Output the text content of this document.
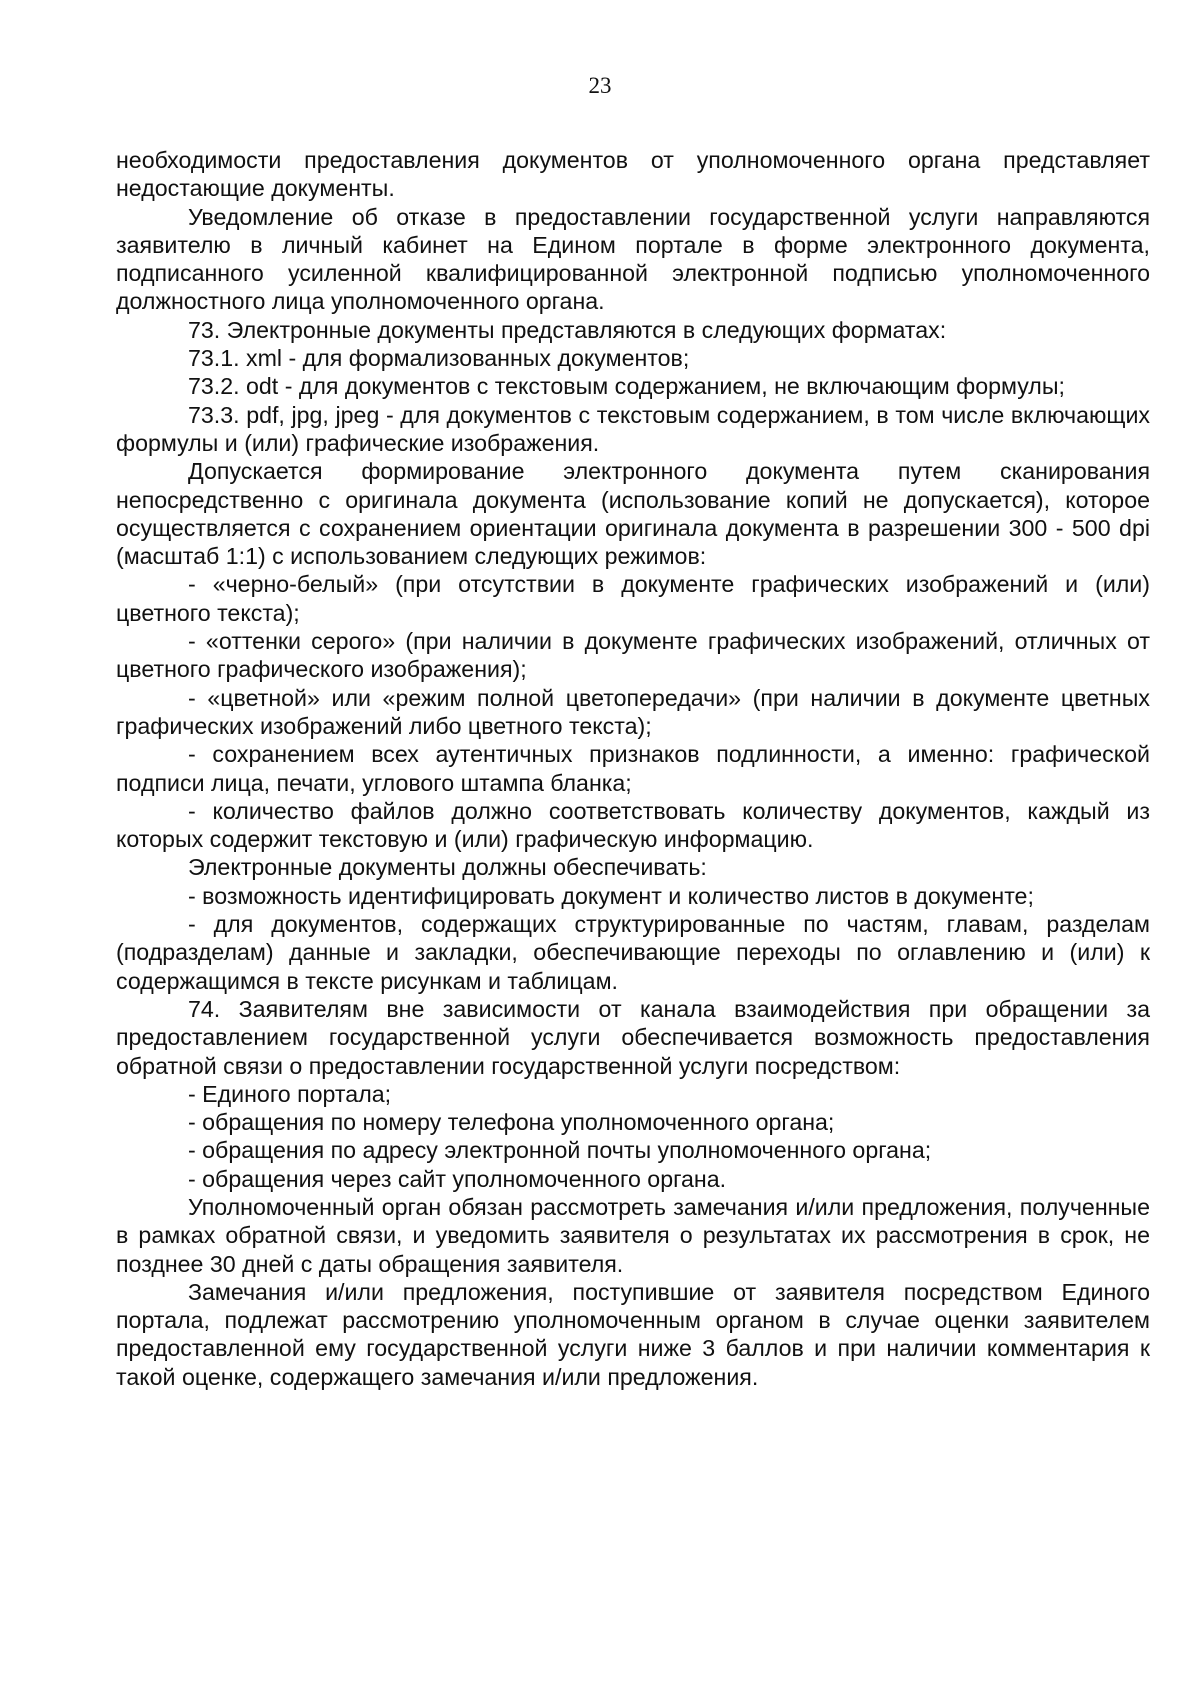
23

необходимости предоставления документов от уполномоченного органа представляет недостающие документы.

Уведомление об отказе в предоставлении государственной услуги направляются заявителю в личный кабинет на Едином портале в форме электронного документа, подписанного усиленной квалифицированной электронной подписью уполномоченного должностного лица уполномоченного органа.

73. Электронные документы представляются в следующих форматах:

73.1. xml - для формализованных документов;

73.2. odt - для документов с текстовым содержанием, не включающим формулы;

73.3. pdf, jpg, jpeg - для документов с текстовым содержанием, в том числе включающих формулы и (или) графические изображения.

Допускается формирование электронного документа путем сканирования непосредственно с оригинала документа (использование копий не допускается), которое осуществляется с сохранением ориентации оригинала документа в разрешении 300 - 500 dpi (масштаб 1:1) с использованием следующих режимов:

- «черно-белый» (при отсутствии в документе графических изображений и (или) цветного текста);

- «оттенки серого» (при наличии в документе графических изображений, отличных от цветного графического изображения);

- «цветной» или «режим полной цветопередачи» (при наличии в документе цветных графических изображений либо цветного текста);

- сохранением всех аутентичных признаков подлинности, а именно: графической подписи лица, печати, углового штампа бланка;

- количество файлов должно соответствовать количеству документов, каждый из которых содержит текстовую и (или) графическую информацию.

Электронные документы должны обеспечивать:

- возможность идентифицировать документ и количество листов в документе;

- для документов, содержащих структурированные по частям, главам, разделам (подразделам) данные и закладки, обеспечивающие переходы по оглавлению и (или) к содержащимся в тексте рисункам и таблицам.

74. Заявителям вне зависимости от канала взаимодействия при обращении за предоставлением государственной услуги обеспечивается возможность предоставления обратной связи о предоставлении государственной услуги посредством:

- Единого портала;

- обращения по номеру телефона уполномоченного органа;

- обращения по адресу электронной почты уполномоченного органа;

- обращения через сайт уполномоченного органа.

Уполномоченный орган обязан рассмотреть замечания и/или предложения, полученные в рамках обратной связи, и уведомить заявителя о результатах их рассмотрения в срок, не позднее 30 дней с даты обращения заявителя.

Замечания и/или предложения, поступившие от заявителя посредством Единого портала, подлежат рассмотрению уполномоченным органом в случае оценки заявителем предоставленной ему государственной услуги ниже 3 баллов и при наличии комментария к такой оценке, содержащего замечания и/или предложения.
